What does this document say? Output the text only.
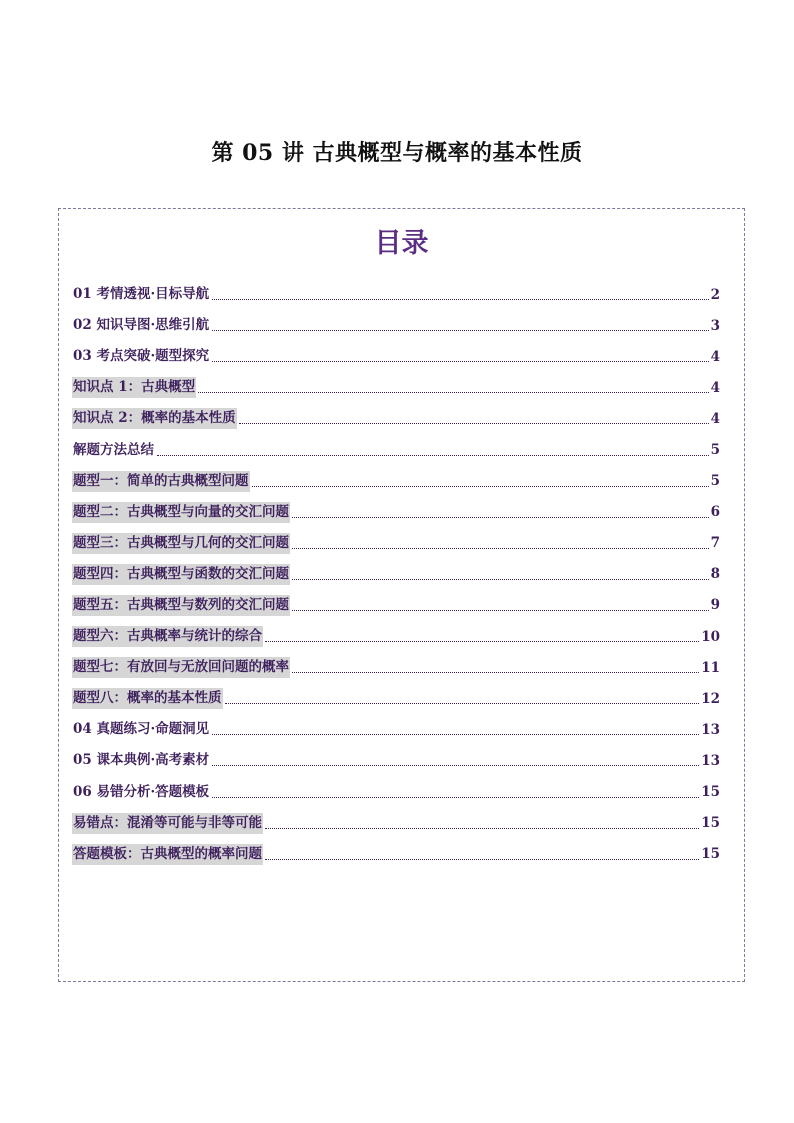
第 05 讲 古典概型与概率的基本性质
目录
01 考情透视·目标导航	2
02 知识导图·思维引航	3
03 考点突破·题型探究	4
知识点 1：古典概型	4
知识点 2：概率的基本性质	4
解题方法总结	5
题型一：简单的古典概型问题	5
题型二：古典概型与向量的交汇问题	6
题型三：古典概型与几何的交汇问题	7
题型四：古典概型与函数的交汇问题	8
题型五：古典概型与数列的交汇问题	9
题型六：古典概率与统计的综合	10
题型七：有放回与无放回问题的概率	11
题型八：概率的基本性质	12
04 真题练习·命题洞见	13
05 课本典例·高考素材	13
06 易错分析·答题模板	15
易错点：混淆等可能与非等可能	15
答题模板：古典概型的概率问题	15
